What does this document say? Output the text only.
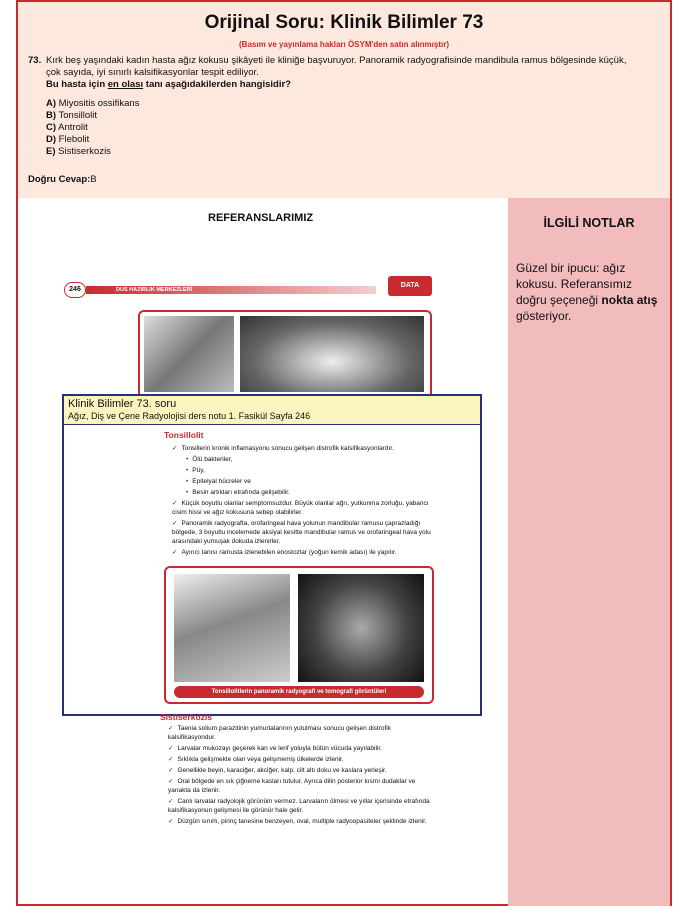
Orijinal Soru: Klinik Bilimler 73
(Basım ve yayınlama hakları ÖSYM'den satın alınmıştır)
73. Kırk beş yaşındaki kadın hasta ağız kokusu şikâyeti ile kliniğe başvuruyor. Panoramik radyografisinde mandibula ramus bölgesinde küçük, çok sayıda, iyi sınırlı kalsifikasyonlar tespit ediliyor.
Bu hasta için en olası tanı aşağıdakilerden hangisidir?
A) Miyositis ossifikans
B) Tonsillolit
C) Antrolit
D) Flebolit
E) Sistiserkozis
Doğru Cevap:B
REFERANSLARIMIZ	İLGİLİ NOTLAR
Güzel bir ipucu: ağız kokusu. Referansımız doğru şeçeneği nokta atış gösteriyor.
246	DUS HAZIRLIK MERKEZLERİ
DATA
Klinik Bilimler 73. soru
Ağız, Diş ve Çene Radyolojisi ders notu 1. Fasikül Sayfa 246
Tonsillolit
✓ Tonsillerin kronik inflamasyonu sonucu gelişen distrofik kalsifikasyonlardır.
• Ölü bakteriler,
• Püy,
• Epitelyal hücreler ve
• Besin artıkları etrafında gelişebilir.
✓ Küçük boyutlu olanlar semptomsuzdur. Büyük olanlar ağrı, yutkunma zorluğu, yabancı cisim hissi ve ağız kokusuna sebep olabilirler.
✓ Panoramik radyografta, orofaringeal hava yolunun mandibular ramusu çaprazladığı bölgede, 3 boyutlu incelemede aksiyal kesitte mandibular ramus ve orofaringeal hava yolu arasındaki yumuşak dokuda izlenirler.
✓ Ayırıcı tanısı ramusta izlenebilen enostozlar (yoğun kemik adası) ile yapılır.
Tonsillolitlerin panoramik radyografi ve tomografi görüntüleri
Sistiserkozis
✓ Taenia solium parazitinin yumurtalarının yutulması sonucu gelişen distrofik kalsifikasyondur.
✓ Larvalar mukozayı geçerek kan ve lenf yoluyla bütün vücuda yayılabilir.
✓ Sıklıkla gelişmekte olan veya gelişmemiş ülkelerde izlenir.
✓ Genellikle beyin, karaciğer, akciğer, kalp, cilt altı doku ve kaslara yerleşir.
✓ Oral bölgede en sık çiğneme kasları tutulur. Ayrıca dilin posterior kısmı dudaklar ve yanakta da izlenir.
✓ Canlı larvalar radyolojik görünüm vermez. Larvaların ölmesi ve yıllar içerisinde etrafında kalsifikasyonun gelişmesi ile görünür hale gelir.
✓ Düzgün sınırlı, pirinç tanesine benzeyen, oval, multiple radyoopasiteler şeklinde izlenir.
